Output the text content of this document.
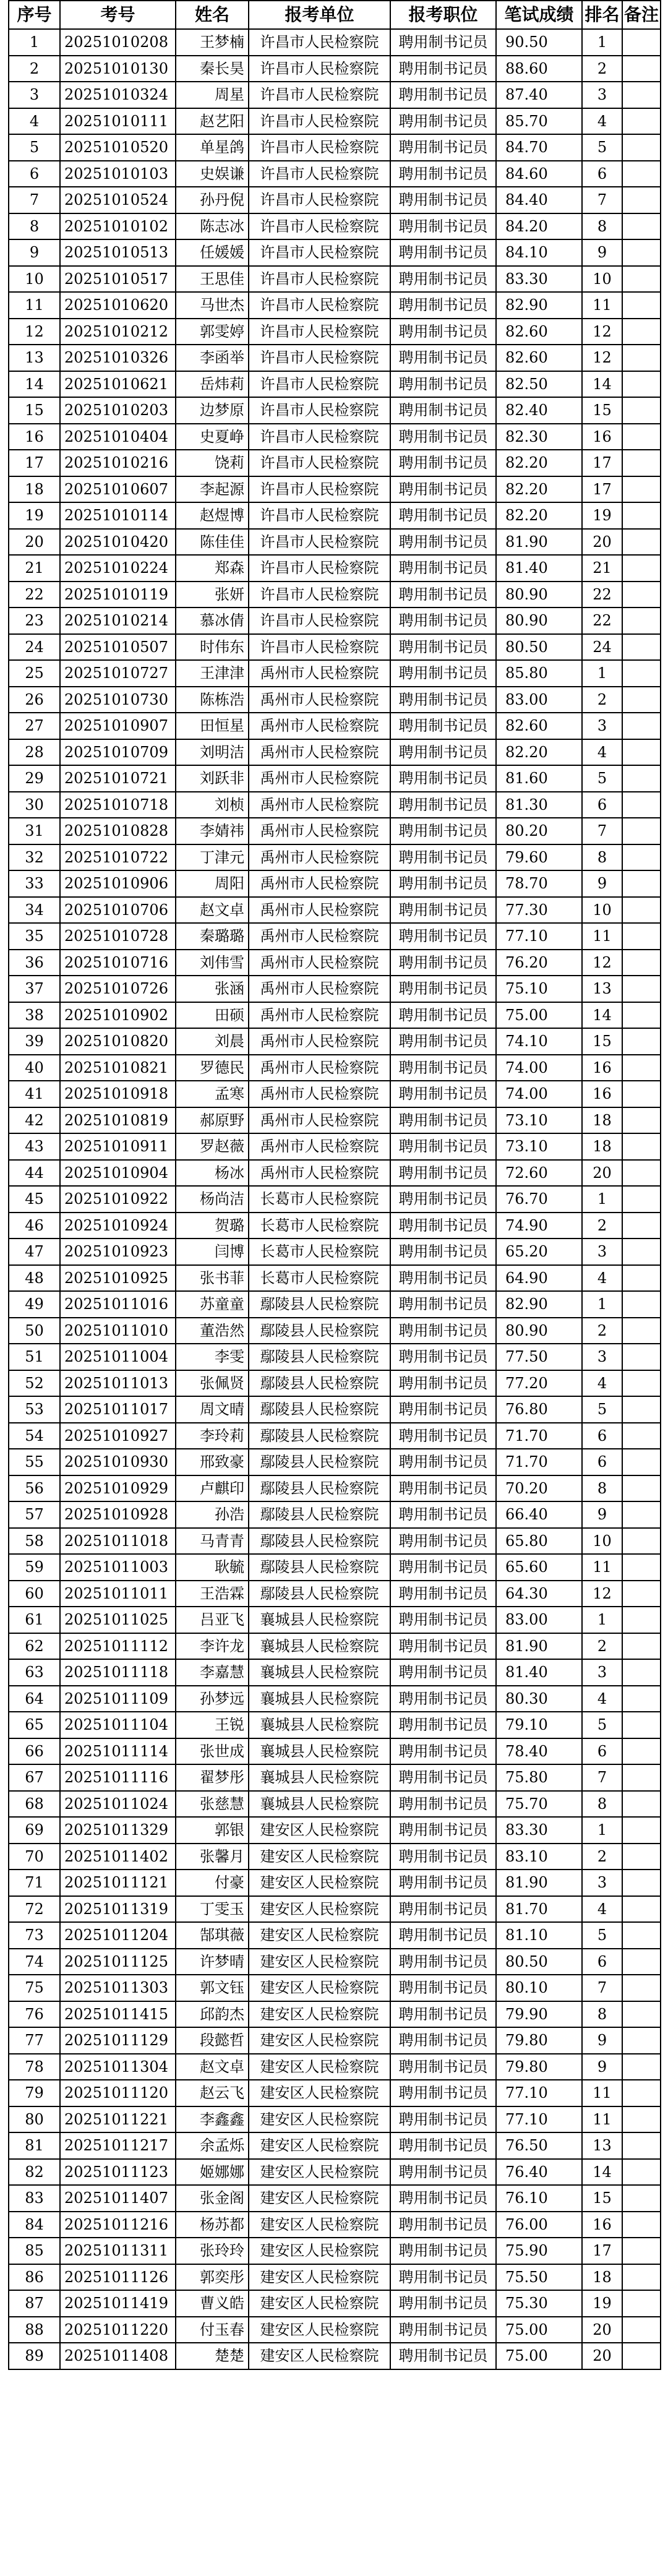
序号	考号	姓名	报考单位	报考职位	笔试成绩	排名	备注
1	20251010208	王梦楠	许昌市人民检察院	聘用制书记员	90.50	1	
2	20251010130	秦长昊	许昌市人民检察院	聘用制书记员	88.60	2	
3	20251010324	周星	许昌市人民检察院	聘用制书记员	87.40	3	
4	20251010111	赵艺阳	许昌市人民检察院	聘用制书记员	85.70	4	
5	20251010520	单星鸽	许昌市人民检察院	聘用制书记员	84.70	5	
6	20251010103	史娱谦	许昌市人民检察院	聘用制书记员	84.60	6	
7	20251010524	孙丹倪	许昌市人民检察院	聘用制书记员	84.40	7	
8	20251010102	陈志冰	许昌市人民检察院	聘用制书记员	84.20	8	
9	20251010513	任媛媛	许昌市人民检察院	聘用制书记员	84.10	9	
10	20251010517	王思佳	许昌市人民检察院	聘用制书记员	83.30	10	
11	20251010620	马世杰	许昌市人民检察院	聘用制书记员	82.90	11	
12	20251010212	郭雯婷	许昌市人民检察院	聘用制书记员	82.60	12	
13	20251010326	李函举	许昌市人民检察院	聘用制书记员	82.60	12	
14	20251010621	岳炜莉	许昌市人民检察院	聘用制书记员	82.50	14	
15	20251010203	边梦原	许昌市人民检察院	聘用制书记员	82.40	15	
16	20251010404	史夏峥	许昌市人民检察院	聘用制书记员	82.30	16	
17	20251010216	饶莉	许昌市人民检察院	聘用制书记员	82.20	17	
18	20251010607	李起源	许昌市人民检察院	聘用制书记员	82.20	17	
19	20251010114	赵煜博	许昌市人民检察院	聘用制书记员	82.20	19	
20	20251010420	陈佳佳	许昌市人民检察院	聘用制书记员	81.90	20	
21	20251010224	郑森	许昌市人民检察院	聘用制书记员	81.40	21	
22	20251010119	张妍	许昌市人民检察院	聘用制书记员	80.90	22	
23	20251010214	慕冰倩	许昌市人民检察院	聘用制书记员	80.90	22	
24	20251010507	时伟东	许昌市人民检察院	聘用制书记员	80.50	24	
25	20251010727	王津津	禹州市人民检察院	聘用制书记员	85.80	1	
26	20251010730	陈栋浩	禹州市人民检察院	聘用制书记员	83.00	2	
27	20251010907	田恒星	禹州市人民检察院	聘用制书记员	82.60	3	
28	20251010709	刘明洁	禹州市人民检察院	聘用制书记员	82.20	4	
29	20251010721	刘跃非	禹州市人民检察院	聘用制书记员	81.60	5	
30	20251010718	刘桢	禹州市人民检察院	聘用制书记员	81.30	6	
31	20251010828	李婧祎	禹州市人民检察院	聘用制书记员	80.20	7	
32	20251010722	丁津元	禹州市人民检察院	聘用制书记员	79.60	8	
33	20251010906	周阳	禹州市人民检察院	聘用制书记员	78.70	9	
34	20251010706	赵文卓	禹州市人民检察院	聘用制书记员	77.30	10	
35	20251010728	秦璐璐	禹州市人民检察院	聘用制书记员	77.10	11	
36	20251010716	刘伟雪	禹州市人民检察院	聘用制书记员	76.20	12	
37	20251010726	张涵	禹州市人民检察院	聘用制书记员	75.10	13	
38	20251010902	田硕	禹州市人民检察院	聘用制书记员	75.00	14	
39	20251010820	刘晨	禹州市人民检察院	聘用制书记员	74.10	15	
40	20251010821	罗德民	禹州市人民检察院	聘用制书记员	74.00	16	
41	20251010918	孟寒	禹州市人民检察院	聘用制书记员	74.00	16	
42	20251010819	郝原野	禹州市人民检察院	聘用制书记员	73.10	18	
43	20251010911	罗赵薇	禹州市人民检察院	聘用制书记员	73.10	18	
44	20251010904	杨冰	禹州市人民检察院	聘用制书记员	72.60	20	
45	20251010922	杨尚洁	长葛市人民检察院	聘用制书记员	76.70	1	
46	20251010924	贺璐	长葛市人民检察院	聘用制书记员	74.90	2	
47	20251010923	闫博	长葛市人民检察院	聘用制书记员	65.20	3	
48	20251010925	张书菲	长葛市人民检察院	聘用制书记员	64.90	4	
49	20251011016	苏童童	鄢陵县人民检察院	聘用制书记员	82.90	1	
50	20251011010	董浩然	鄢陵县人民检察院	聘用制书记员	80.90	2	
51	20251011004	李雯	鄢陵县人民检察院	聘用制书记员	77.50	3	
52	20251011013	张佩贤	鄢陵县人民检察院	聘用制书记员	77.20	4	
53	20251011017	周文晴	鄢陵县人民检察院	聘用制书记员	76.80	5	
54	20251010927	李玲莉	鄢陵县人民检察院	聘用制书记员	71.70	6	
55	20251010930	邢致豪	鄢陵县人民检察院	聘用制书记员	71.70	6	
56	20251010929	卢麒印	鄢陵县人民检察院	聘用制书记员	70.20	8	
57	20251010928	孙浩	鄢陵县人民检察院	聘用制书记员	66.40	9	
58	20251011018	马青青	鄢陵县人民检察院	聘用制书记员	65.80	10	
59	20251011003	耿毓	鄢陵县人民检察院	聘用制书记员	65.60	11	
60	20251011011	王浩霖	鄢陵县人民检察院	聘用制书记员	64.30	12	
61	20251011025	吕亚飞	襄城县人民检察院	聘用制书记员	83.00	1	
62	20251011112	李许龙	襄城县人民检察院	聘用制书记员	81.90	2	
63	20251011118	李嘉慧	襄城县人民检察院	聘用制书记员	81.40	3	
64	20251011109	孙梦远	襄城县人民检察院	聘用制书记员	80.30	4	
65	20251011104	王锐	襄城县人民检察院	聘用制书记员	79.10	5	
66	20251011114	张世成	襄城县人民检察院	聘用制书记员	78.40	6	
67	20251011116	翟梦彤	襄城县人民检察院	聘用制书记员	75.80	7	
68	20251011024	张慈慧	襄城县人民检察院	聘用制书记员	75.70	8	
69	20251011329	郭银	建安区人民检察院	聘用制书记员	83.30	1	
70	20251011402	张馨月	建安区人民检察院	聘用制书记员	83.10	2	
71	20251011121	付豪	建安区人民检察院	聘用制书记员	81.90	3	
72	20251011319	丁雯玉	建安区人民检察院	聘用制书记员	81.70	4	
73	20251011204	郜琪薇	建安区人民检察院	聘用制书记员	81.10	5	
74	20251011125	许梦晴	建安区人民检察院	聘用制书记员	80.50	6	
75	20251011303	郭文钰	建安区人民检察院	聘用制书记员	80.10	7	
76	20251011415	邱韵杰	建安区人民检察院	聘用制书记员	79.90	8	
77	20251011129	段懿哲	建安区人民检察院	聘用制书记员	79.80	9	
78	20251011304	赵文卓	建安区人民检察院	聘用制书记员	79.80	9	
79	20251011120	赵云飞	建安区人民检察院	聘用制书记员	77.10	11	
80	20251011221	李鑫鑫	建安区人民检察院	聘用制书记员	77.10	11	
81	20251011217	余孟烁	建安区人民检察院	聘用制书记员	76.50	13	
82	20251011123	姬娜娜	建安区人民检察院	聘用制书记员	76.40	14	
83	20251011407	张金阁	建安区人民检察院	聘用制书记员	76.10	15	
84	20251011216	杨苏都	建安区人民检察院	聘用制书记员	76.00	16	
85	20251011311	张玲玲	建安区人民检察院	聘用制书记员	75.90	17	
86	20251011126	郭奕彤	建安区人民检察院	聘用制书记员	75.50	18	
87	20251011419	曹义皓	建安区人民检察院	聘用制书记员	75.30	19	
88	20251011220	付玉春	建安区人民检察院	聘用制书记员	75.00	20	
89	20251011408	楚楚	建安区人民检察院	聘用制书记员	75.00	20	
